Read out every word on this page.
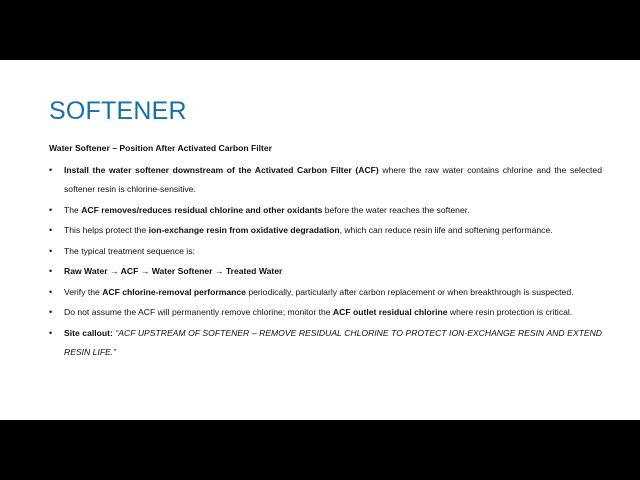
SOFTENER
Water Softener – Position After Activated Carbon Filter
• Install the water softener downstream of the Activated Carbon Filter (ACF) where the raw water contains chlorine and the selected softener resin is chlorine-sensitive.
• The ACF removes/reduces residual chlorine and other oxidants before the water reaches the softener.
• This helps protect the ion-exchange resin from oxidative degradation, which can reduce resin life and softening performance.
• The typical treatment sequence is:
• Raw Water → ACF → Water Softener → Treated Water
• Verify the ACF chlorine-removal performance periodically, particularly after carbon replacement or when breakthrough is suspected.
• Do not assume the ACF will permanently remove chlorine; monitor the ACF outlet residual chlorine where resin protection is critical.
• Site callout: “ACF UPSTREAM OF SOFTENER – REMOVE RESIDUAL CHLORINE TO PROTECT ION-EXCHANGE RESIN AND EXTEND RESIN LIFE.”
